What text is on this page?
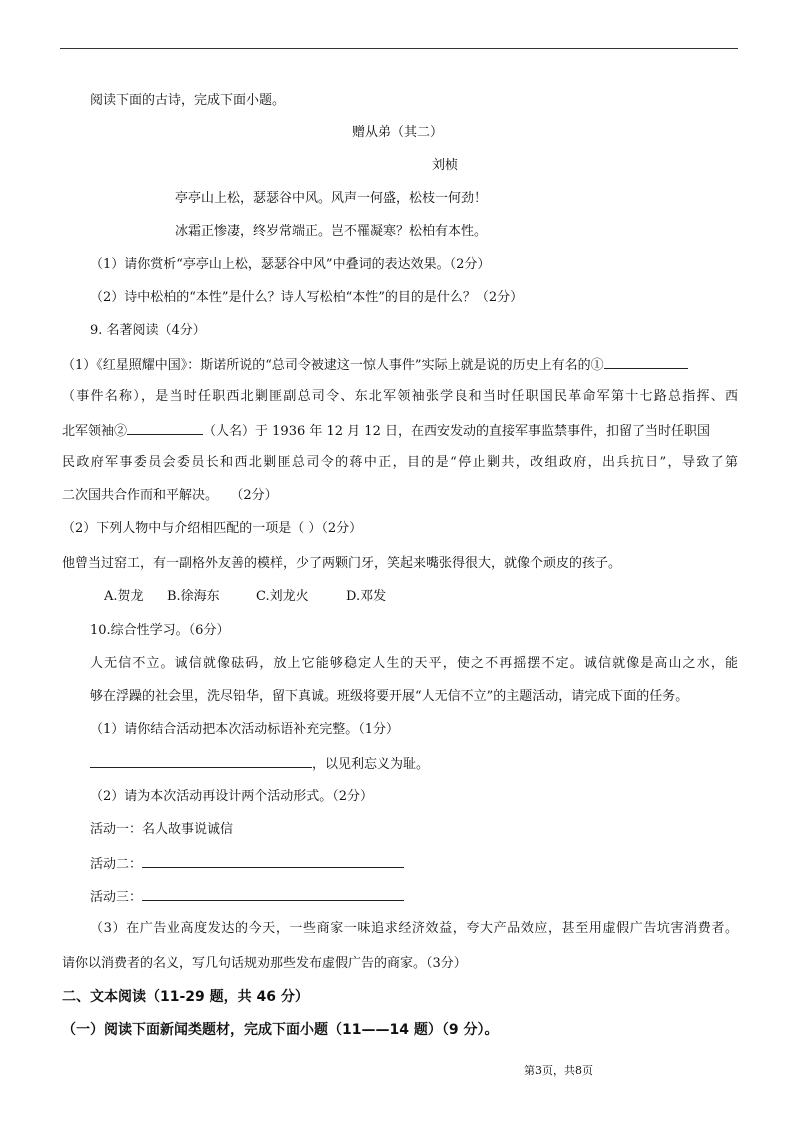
阅读下面的古诗，完成下面小题。
赠从弟（其二）
刘桢
亭亭山上松，瑟瑟谷中风。风声一何盛，松枝一何劲！
冰霜正惨凄，终岁常端正。岂不罹凝寒？松柏有本性。
（1）请你赏析“亭亭山上松，瑟瑟谷中风”中叠词的表达效果。（2分）
（2）诗中松柏的“本性”是什么？诗人写松柏“本性”的目的是什么？（2分）
9. 名著阅读（4分）
（1）《红星照耀中国》：斯诺所说的“总司令被逮这一惊人事件”实际上就是说的历史上有名的①
（事件名称），是当时任职西北剿匪副总司令、东北军领袖张学良和当时任职国民革命军第十七路总指挥、西
北军领袖②	（人名）于 1936 年 12 月 12 日，在西安发动的直接军事监禁事件，扣留了当时任职国
民政府军事委员会委员长和西北剿匪总司令的蒋中正，目的是“停止剿共，改组政府，出兵抗日”，导致了第
二次国共合作而和平解决。   （2分）
（2）下列人物中与介绍相匹配的一项是（ ）（2分）
他曾当过窑工，有一副格外友善的模样，少了两颗门牙，笑起来嘴张得很大，就像个顽皮的孩子。
A.贺龙 B.徐海东	C.刘龙火	D.邓发
10.综合性学习。（6分）
人无信不立。诚信就像砝码，放上它能够稳定人生的天平，使之不再摇摆不定。诚信就像是高山之水，能
够在浮躁的社会里，洗尽铅华，留下真诚。班级将要开展“人无信不立”的主题活动，请完成下面的任务。
（1）请你结合活动把本次活动标语补充完整。（1分）
，以见利忘义为耻。
（2）请为本次活动再设计两个活动形式。（2分）
活动一：名人故事说诚信
活动二：
活动三：
（3）在广告业高度发达的今天，一些商家一味追求经济效益，夸大产品效应，甚至用虚假广告坑害消费者。
请你以消费者的名义，写几句话规劝那些发布虚假广告的商家。（3分）
二、文本阅读（11-29 题，共 46 分）
（一）阅读下面新闻类题材，完成下面小题（11——14 题）（9 分）。
第3页，共8页
